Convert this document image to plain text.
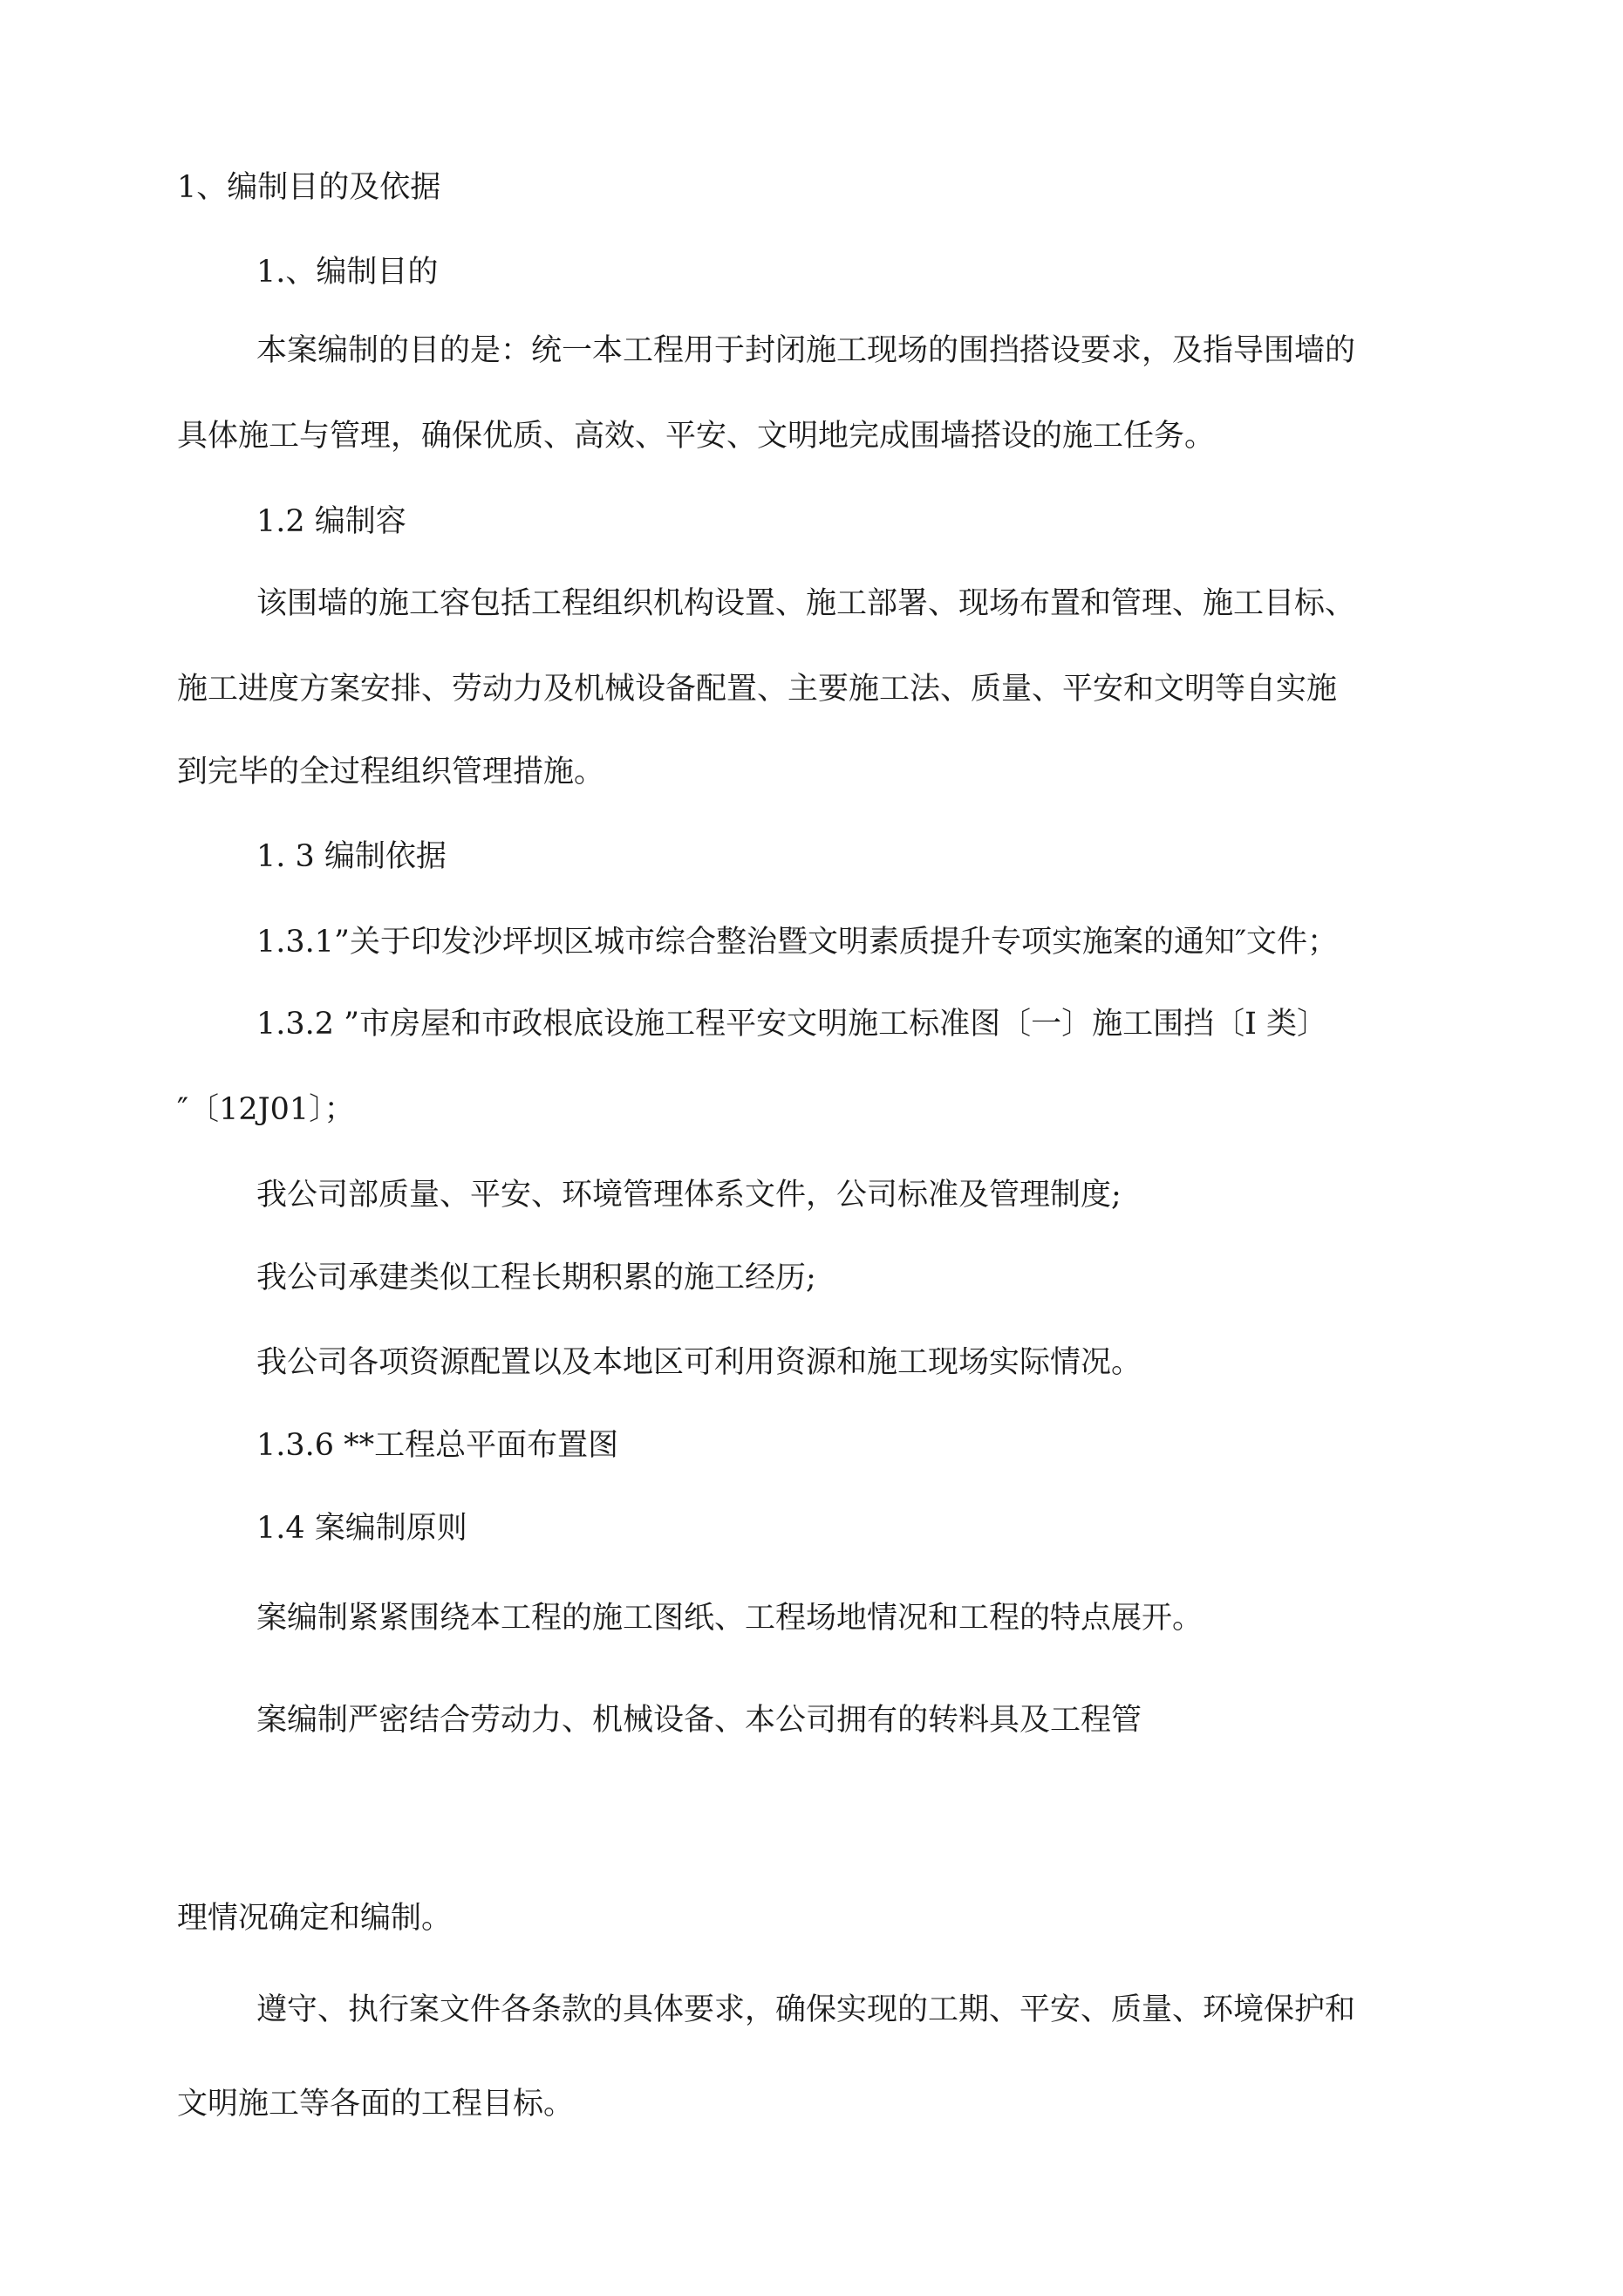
1、编制目的及依据

1.、编制目的

本案编制的目的是：统一本工程用于封闭施工现场的围挡搭设要求，及指导围墙的

具体施工与管理，确保优质、高效、平安、文明地完成围墙搭设的施工任务。

1.2 编制容

该围墙的施工容包括工程组织机构设置、施工部署、现场布置和管理、施工目标、

施工进度方案安排、劳动力及机械设备配置、主要施工法、质量、平安和文明等自实施

到完毕的全过程组织管理措施。

1. 3 编制依据

1.3.1”关于印发沙坪坝区城市综合整治暨文明素质提升专项实施案的通知″文件；

1.3.2 ”市房屋和市政根底设施工程平安文明施工标准图〔一〕施工围挡〔I 类〕

″〔12J01〕；

我公司部质量、平安、环境管理体系文件，公司标准及管理制度;

我公司承建类似工程长期积累的施工经历;

我公司各项资源配置以及本地区可利用资源和施工现场实际情况。

1.3.6 **工程总平面布置图

1.4 案编制原则

案编制紧紧围绕本工程的施工图纸、工程场地情况和工程的特点展开。

案编制严密结合劳动力、机械设备、本公司拥有的转料具及工程管

理情况确定和编制。

遵守、执行案文件各条款的具体要求，确保实现的工期、平安、质量、环境保护和

文明施工等各面的工程目标。
